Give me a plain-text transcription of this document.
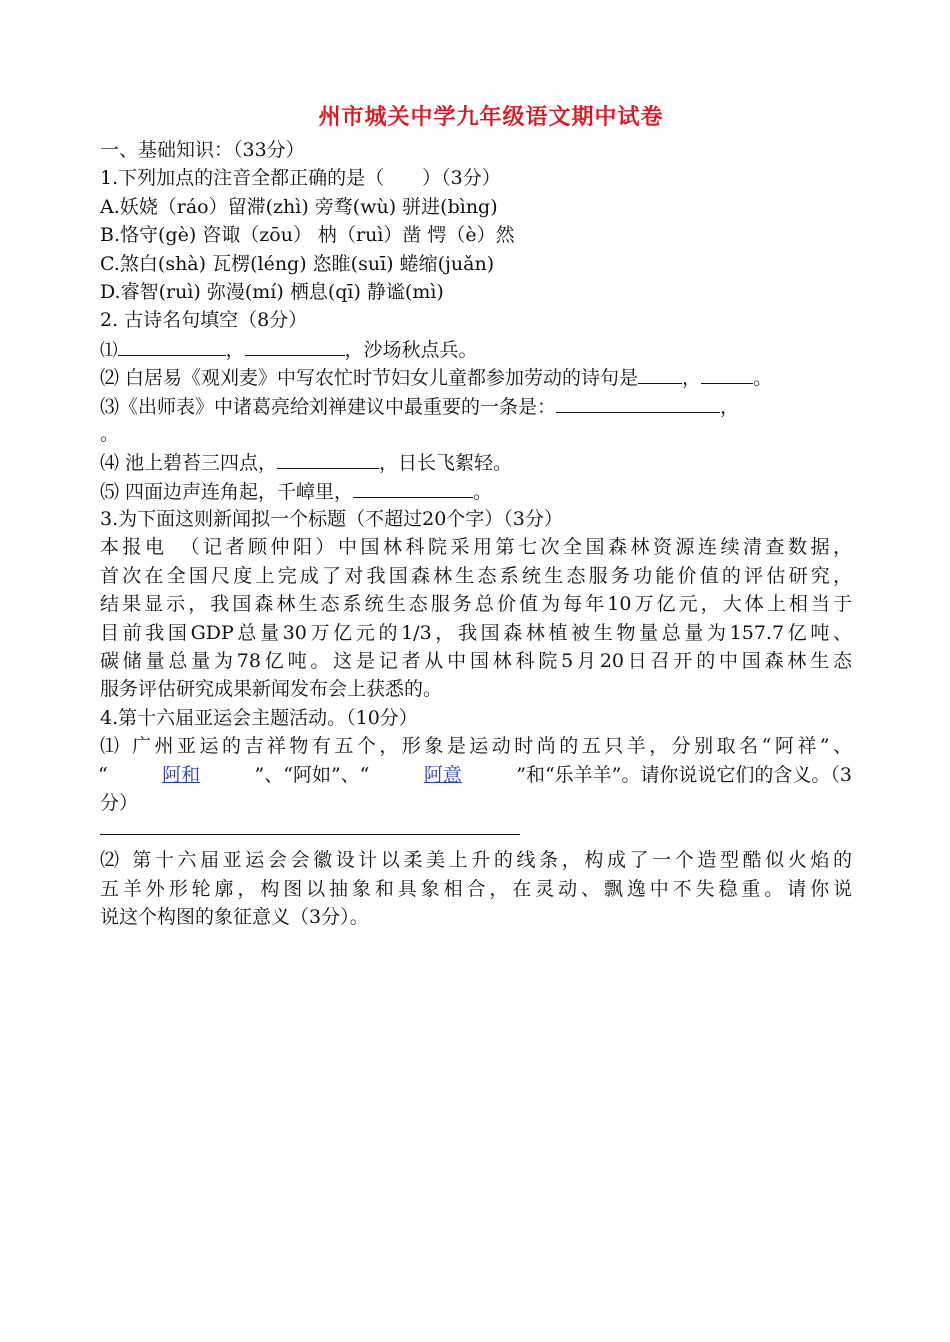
州市城关中学九年级语文期中试卷
一、基础知识：（33分）
1.下列加点的注音全都正确的是（　　）（3分）
A.妖娆（ráo）留滞(zhì) 旁骛(wù) 骈进(bìng)
B.恪守(gè) 咨诹（zōu） 枘（ruì）凿 愕（è）然
C.煞白(shà) 瓦楞(léng) 恣睢(suī) 蜷缩(juǎn)
D.睿智(ruì) 弥漫(mí) 栖息(qī) 静谧(mì)
2. 古诗名句填空（8分）
⑴	，	，沙场秋点兵。
⑵ 白居易《观刈麦》中写农忙时节妇女儿童都参加劳动的诗句是 ，	。
⑶《出师表》中诸葛亮给刘禅建议中最重要的一条是：	，
。
⑷ 池上碧苔三四点，	，日长飞絮轻。
⑸ 四面边声连角起，千嶂里，	。
3.为下面这则新闻拟一个标题（不超过20个字）（3分）
本报电　（记者顾仲阳）中国林科院采用第七次全国森林资源连续清查数据，
首次在全国尺度上完成了对我国森林生态系统生态服务功能价值的评估研究，
结果显示，我国森林生态系统生态服务总价值为每年10万亿元，大体上相当于
目前我国GDP总量30万亿元的1/3，我国森林植被生物量总量为157.7亿吨、
碳储量总量为78亿吨。这是记者从中国林科院5月20日召开的中国森林生态
服务评估研究成果新闻发布会上获悉的。
4.第十六届亚运会主题活动。（10分）
⑴ 广州亚运的吉祥物有五个，形象是运动时尚的五只羊，分别取名“阿祥”、
“	阿和	”、“阿如”、“	阿意	”和“乐羊羊”。请你说说它们的含义。（3
分）
⑵ 第十六届亚运会会徽设计以柔美上升的线条，构成了一个造型酷似火焰的
五羊外形轮廓，构图以抽象和具象相合，在灵动、飘逸中不失稳重。请你说
说这个构图的象征意义（3分）。
